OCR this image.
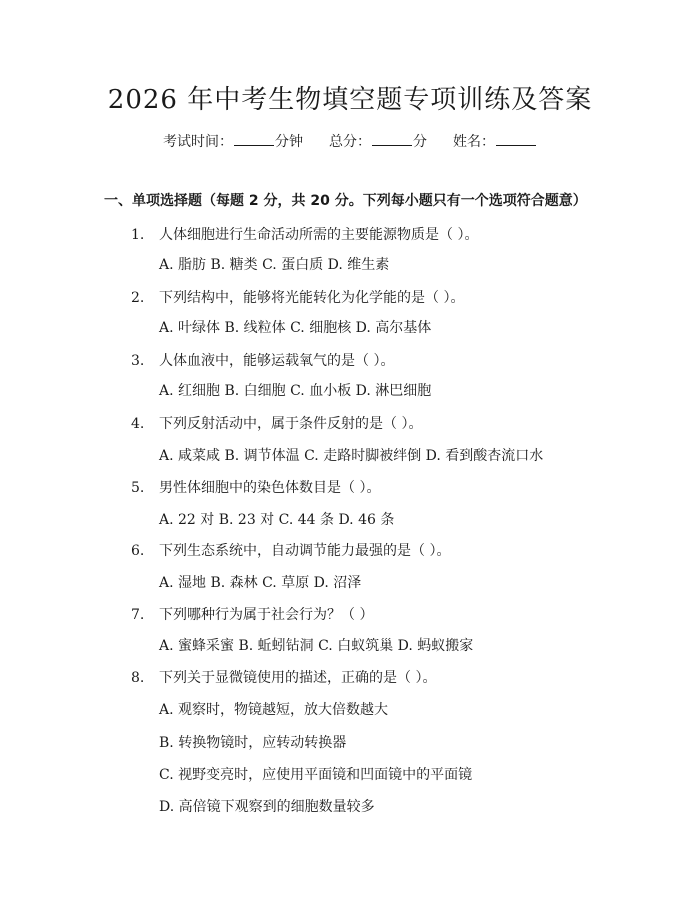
2026 年中考生物填空题专项训练及答案
考试时间：	分钟 总分：	分 姓名：
一、单项选择题（每题 2 分，共 20 分。下列每小题只有一个选项符合题意）
1. 人体细胞进行生命活动所需的主要能源物质是（ ）。
A. 脂肪 B. 糖类 C. 蛋白质 D. 维生素
2. 下列结构中，能够将光能转化为化学能的是（ ）。
A. 叶绿体 B. 线粒体 C. 细胞核 D. 高尔基体
3. 人体血液中，能够运载氧气的是（ ）。
A. 红细胞 B. 白细胞 C. 血小板 D. 淋巴细胞
4. 下列反射活动中，属于条件反射的是（ ）。
A. 咸菜咸 B. 调节体温 C. 走路时脚被绊倒 D. 看到酸杏流口水
5. 男性体细胞中的染色体数目是（ ）。
A. 22 对 B. 23 对 C. 44 条 D. 46 条
6. 下列生态系统中，自动调节能力最强的是（ ）。
A. 湿地 B. 森林 C. 草原 D. 沼泽
7. 下列哪种行为属于社会行为？（ ）
A. 蜜蜂采蜜 B. 蚯蚓钻洞 C. 白蚁筑巢 D. 蚂蚁搬家
8. 下列关于显微镜使用的描述，正确的是（ ）。
A. 观察时，物镜越短，放大倍数越大
B. 转换物镜时，应转动转换器
C. 视野变亮时，应使用平面镜和凹面镜中的平面镜
D. 高倍镜下观察到的细胞数量较多
